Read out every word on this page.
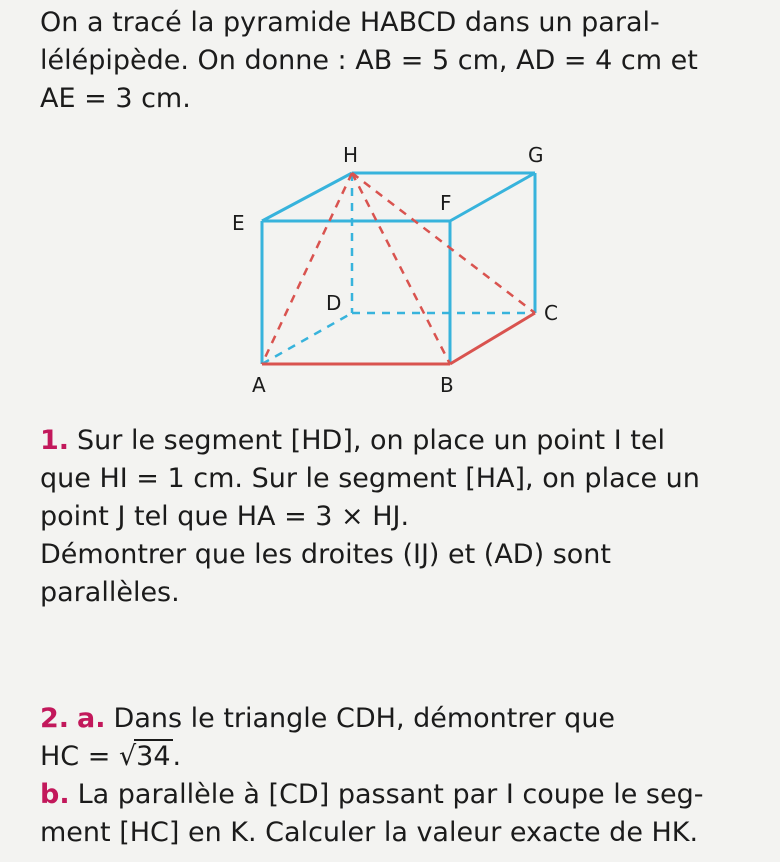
On a tracé la pyramide HABCD dans un paral-
lélépipède. On donne : AB = 5 cm, AD = 4 cm et
AE = 3 cm.

H	G
E
F
D	C
A	B

1. Sur le segment [HD], on place un point I tel
que HI = 1 cm. Sur le segment [HA], on place un
point J tel que HA = 3 × HJ.
Démontrer que les droites (IJ) et (AD) sont
parallèles.

2. a. Dans le triangle CDH, démontrer que
HC = √34.
b. La parallèle à [CD] passant par I coupe le seg-
ment [HC] en K. Calculer la valeur exacte de HK.
